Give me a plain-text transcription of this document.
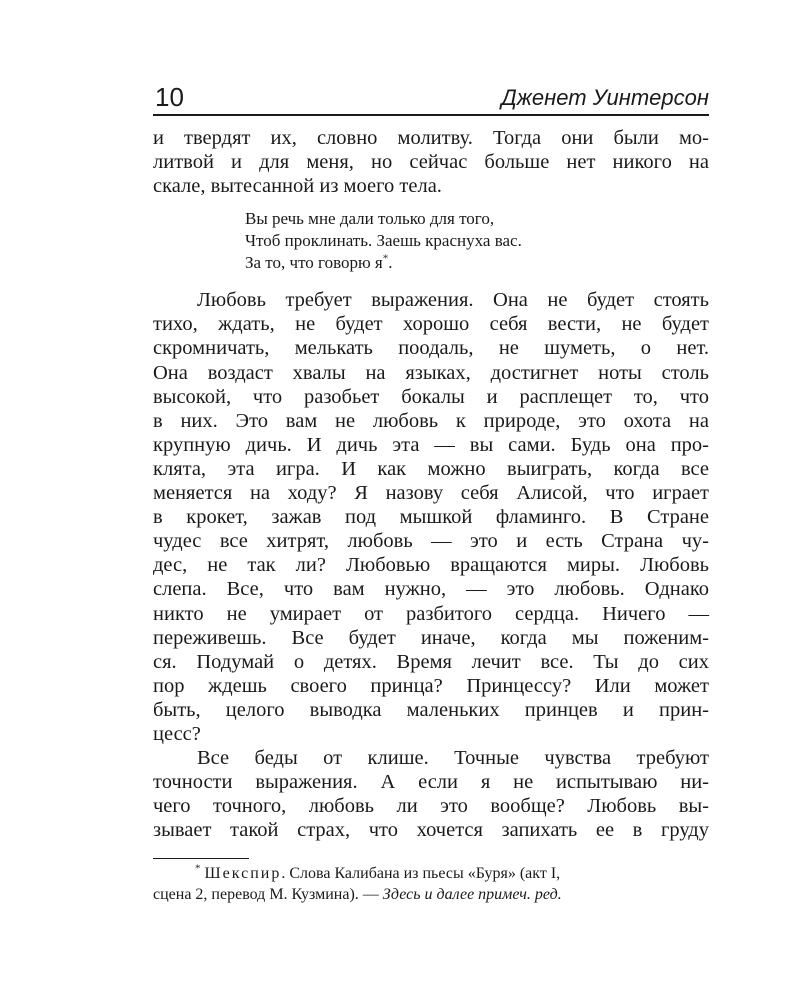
10	Дженет Уинтерсон

и твердят их, словно молитву. Тогда они были мо-
литвой и для меня, но сейчас больше нет никого на
скале, вытесанной из моего тела.

Вы речь мне дали только для того,
Чтоб проклинать. Заешь краснуха вас.
За то, что говорю я*.

Любовь требует выражения. Она не будет стоять
тихо, ждать, не будет хорошо себя вести, не будет
скромничать, мелькать поодаль, не шуметь, о нет.
Она воздаст хвалы на языках, достигнет ноты столь
высокой, что разобьет бокалы и расплещет то, что
в них. Это вам не любовь к природе, это охота на
крупную дичь. И дичь эта — вы сами. Будь она про-
клята, эта игра. И как можно выиграть, когда все
меняется на ходу? Я назову себя Алисой, что играет
в крокет, зажав под мышкой фламинго. В Стране
чудес все хитрят, любовь — это и есть Страна чу-
дес, не так ли? Любовью вращаются миры. Любовь
слепа. Все, что вам нужно, — это любовь. Однако
никто не умирает от разбитого сердца. Ничего —
переживешь. Все будет иначе, когда мы поженим-
ся. Подумай о детях. Время лечит все. Ты до сих
пор ждешь своего принца? Принцессу? Или может
быть, целого выводка маленьких принцев и прин-
цесс?

Все беды от клише. Точные чувства требуют
точности выражения. А если я не испытываю ни-
чего точного, любовь ли это вообще? Любовь вы-
зывает такой страх, что хочется запихать ее в груду

* Шекспир. Слова Калибана из пьесы «Буря» (акт I,
сцена 2, перевод М. Кузмина). — Здесь и далее примеч. ред.
